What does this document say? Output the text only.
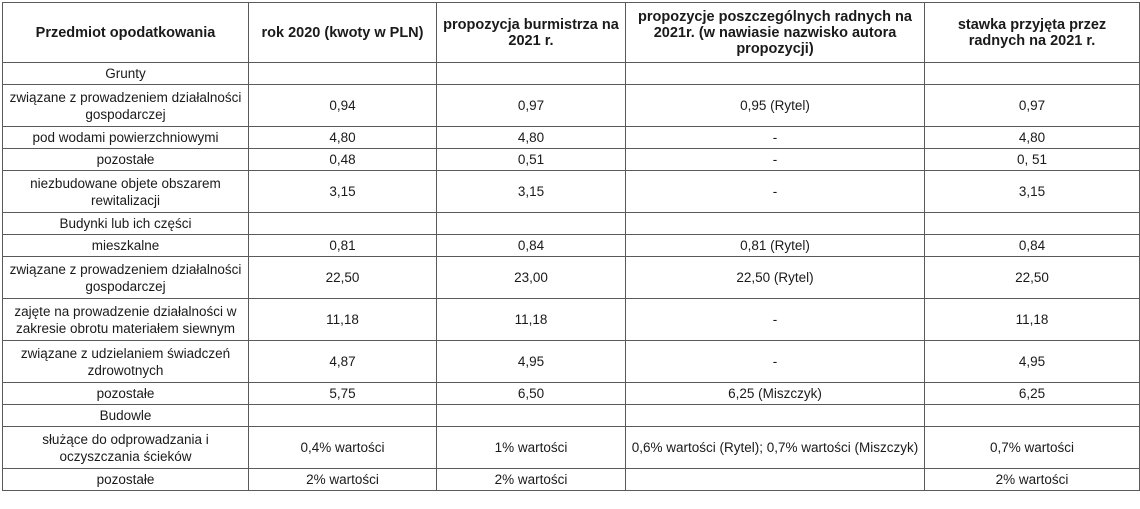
Przedmiot opodatkowania	rok 2020 (kwoty w PLN)	propozycja burmistrza na 2021 r.	propozycje poszczególnych radnych na 2021r. (w nawiasie nazwisko autora propozycji)	stawka przyjęta przez radnych na 2021 r.
Grunty				
związane z prowadzeniem działalności gospodarczej	0,94	0,97	0,95 (Rytel)	0,97
pod wodami powierzchniowymi	4,80	4,80	-	4,80
pozostałe	0,48	0,51	-	0, 51
niezbudowane objete obszarem rewitalizacji	3,15	3,15	-	3,15
Budynki lub ich części				
mieszkalne	0,81	0,84	0,81 (Rytel)	0,84
związane z prowadzeniem działalności gospodarczej	22,50	23,00	22,50 (Rytel)	22,50
zajęte na prowadzenie działalności w zakresie obrotu materiałem siewnym	11,18	11,18	-	11,18
związane z udzielaniem świadczeń zdrowotnych	4,87	4,95	-	4,95
pozostałe	5,75	6,50	6,25 (Miszczyk)	6,25
Budowle				
służące do odprowadzania i oczyszczania ścieków	0,4% wartości	1% wartości	0,6% wartości (Rytel); 0,7% wartości (Miszczyk)	0,7% wartości
pozostałe	2% wartości	2% wartości		2% wartości
